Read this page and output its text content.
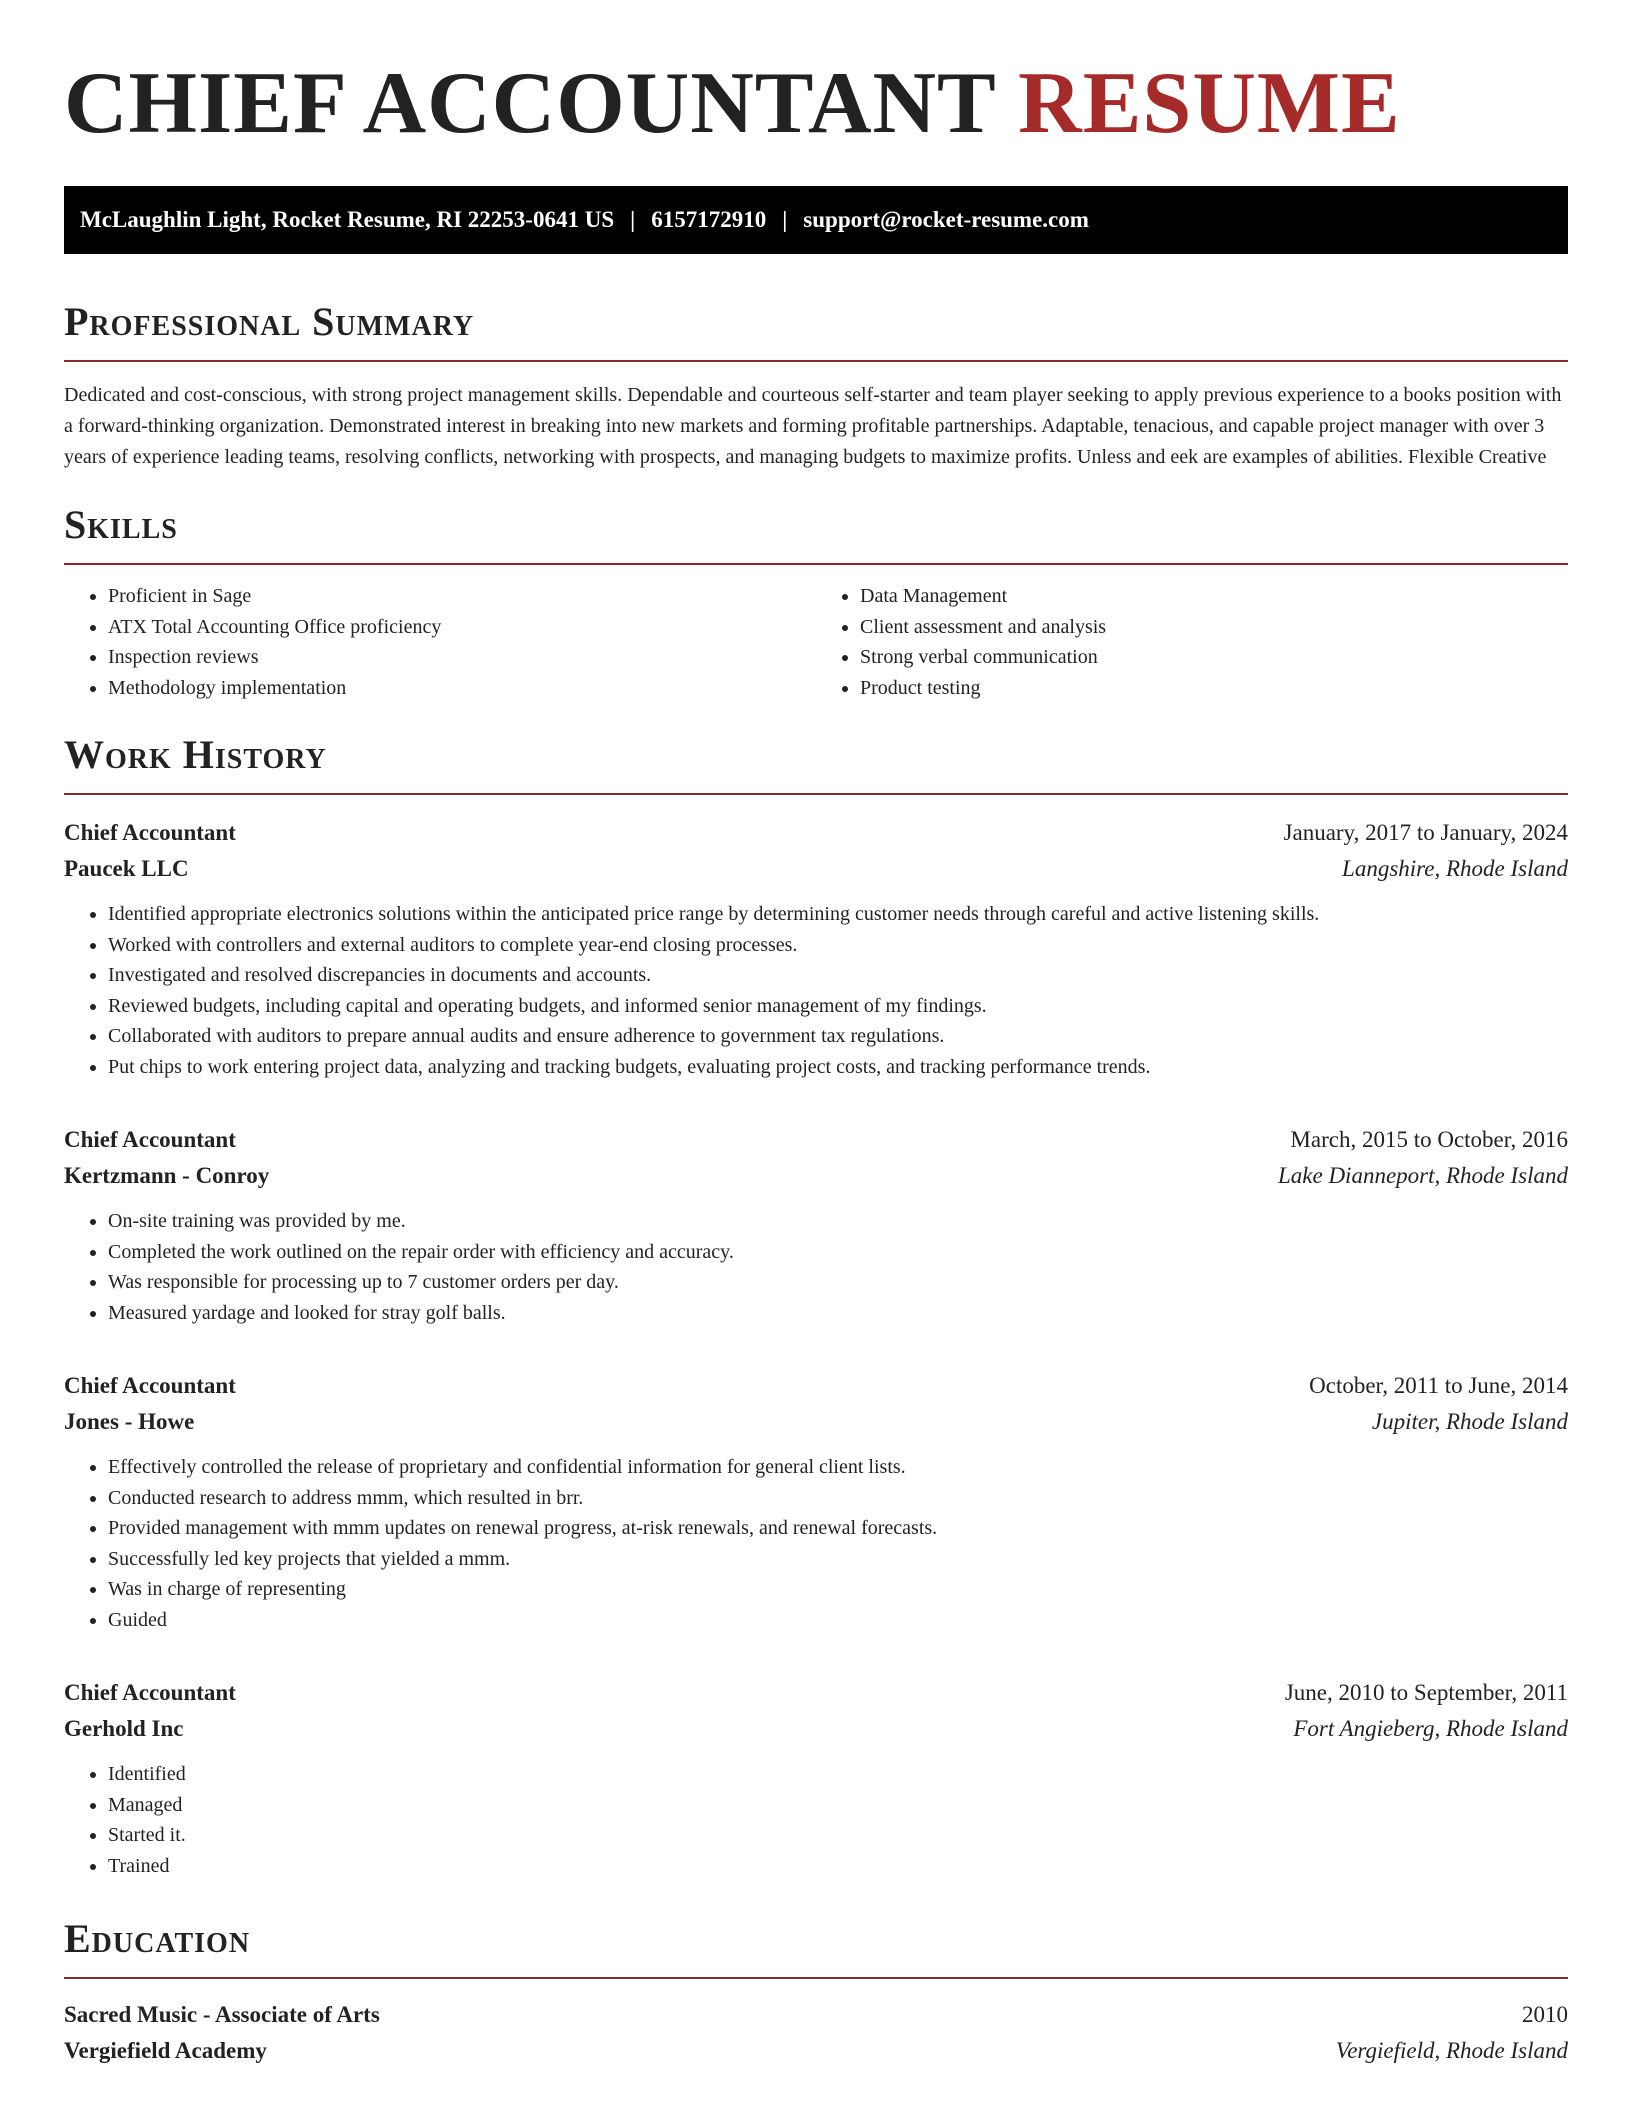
CHIEF ACCOUNTANT RESUME
McLaughlin Light, Rocket Resume, RI 22253-0641 US | 6157172910 | support@rocket-resume.com
Professional Summary

Dedicated and cost-conscious, with strong project management skills. Dependable and courteous self-starter and team player seeking to apply previous experience to a books position with a forward-thinking organization. Demonstrated interest in breaking into new markets and forming profitable partnerships. Adaptable, tenacious, and capable project manager with over 3 years of experience leading teams, resolving conflicts, networking with prospects, and managing budgets to maximize profits. Unless and eek are examples of abilities. Flexible Creative

Skills
• Proficient in Sage
• ATX Total Accounting Office proficiency
• Inspection reviews
• Methodology implementation
• Data Management
• Client assessment and analysis
• Strong verbal communication
• Product testing
Work History
Chief Accountant	January, 2017 to January, 2024
Paucek LLC	Langshire, Rhode Island
• Identified appropriate electronics solutions within the anticipated price range by determining customer needs through careful and active listening skills.
• Worked with controllers and external auditors to complete year-end closing processes.
• Investigated and resolved discrepancies in documents and accounts.
• Reviewed budgets, including capital and operating budgets, and informed senior management of my findings.
• Collaborated with auditors to prepare annual audits and ensure adherence to government tax regulations.
• Put chips to work entering project data, analyzing and tracking budgets, evaluating project costs, and tracking performance trends.
Chief Accountant	March, 2015 to October, 2016
Kertzmann - Conroy	Lake Dianneport, Rhode Island
• On-site training was provided by me.
• Completed the work outlined on the repair order with efficiency and accuracy.
• Was responsible for processing up to 7 customer orders per day.
• Measured yardage and looked for stray golf balls.
Chief Accountant	October, 2011 to June, 2014
Jones - Howe	Jupiter, Rhode Island
• Effectively controlled the release of proprietary and confidential information for general client lists.
• Conducted research to address mmm, which resulted in brr.
• Provided management with mmm updates on renewal progress, at-risk renewals, and renewal forecasts.
• Successfully led key projects that yielded a mmm.
• Was in charge of representing
• Guided
Chief Accountant	June, 2010 to September, 2011
Gerhold Inc	Fort Angieberg, Rhode Island
• Identified
• Managed
• Started it.
• Trained
Education
Sacred Music - Associate of Arts	2010
Vergiefield Academy	Vergiefield, Rhode Island
